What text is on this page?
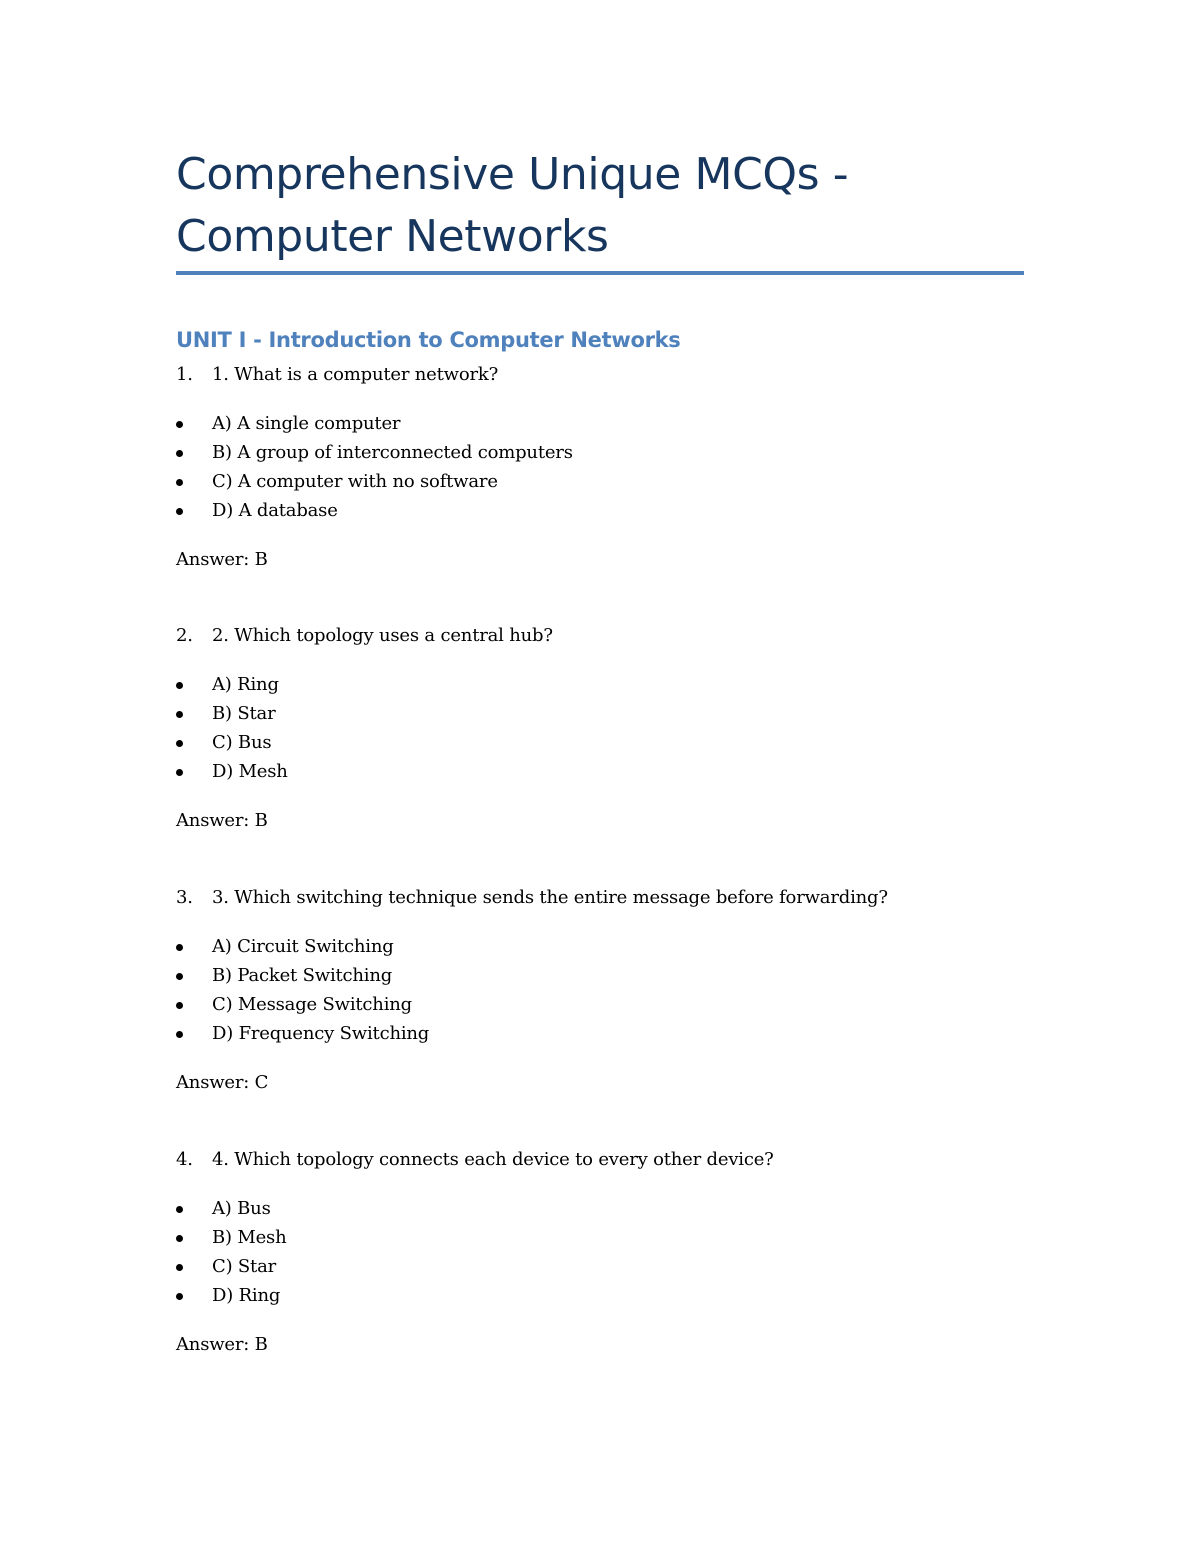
Comprehensive Unique MCQs - Computer Networks
UNIT I - Introduction to Computer Networks
1. 1. What is a computer network?
A) A single computer
B) A group of interconnected computers
C) A computer with no software
D) A database
Answer: B
2. 2. Which topology uses a central hub?
A) Ring
B) Star
C) Bus
D) Mesh
Answer: B
3. 3. Which switching technique sends the entire message before forwarding?
A) Circuit Switching
B) Packet Switching
C) Message Switching
D) Frequency Switching
Answer: C
4. 4. Which topology connects each device to every other device?
A) Bus
B) Mesh
C) Star
D) Ring
Answer: B
